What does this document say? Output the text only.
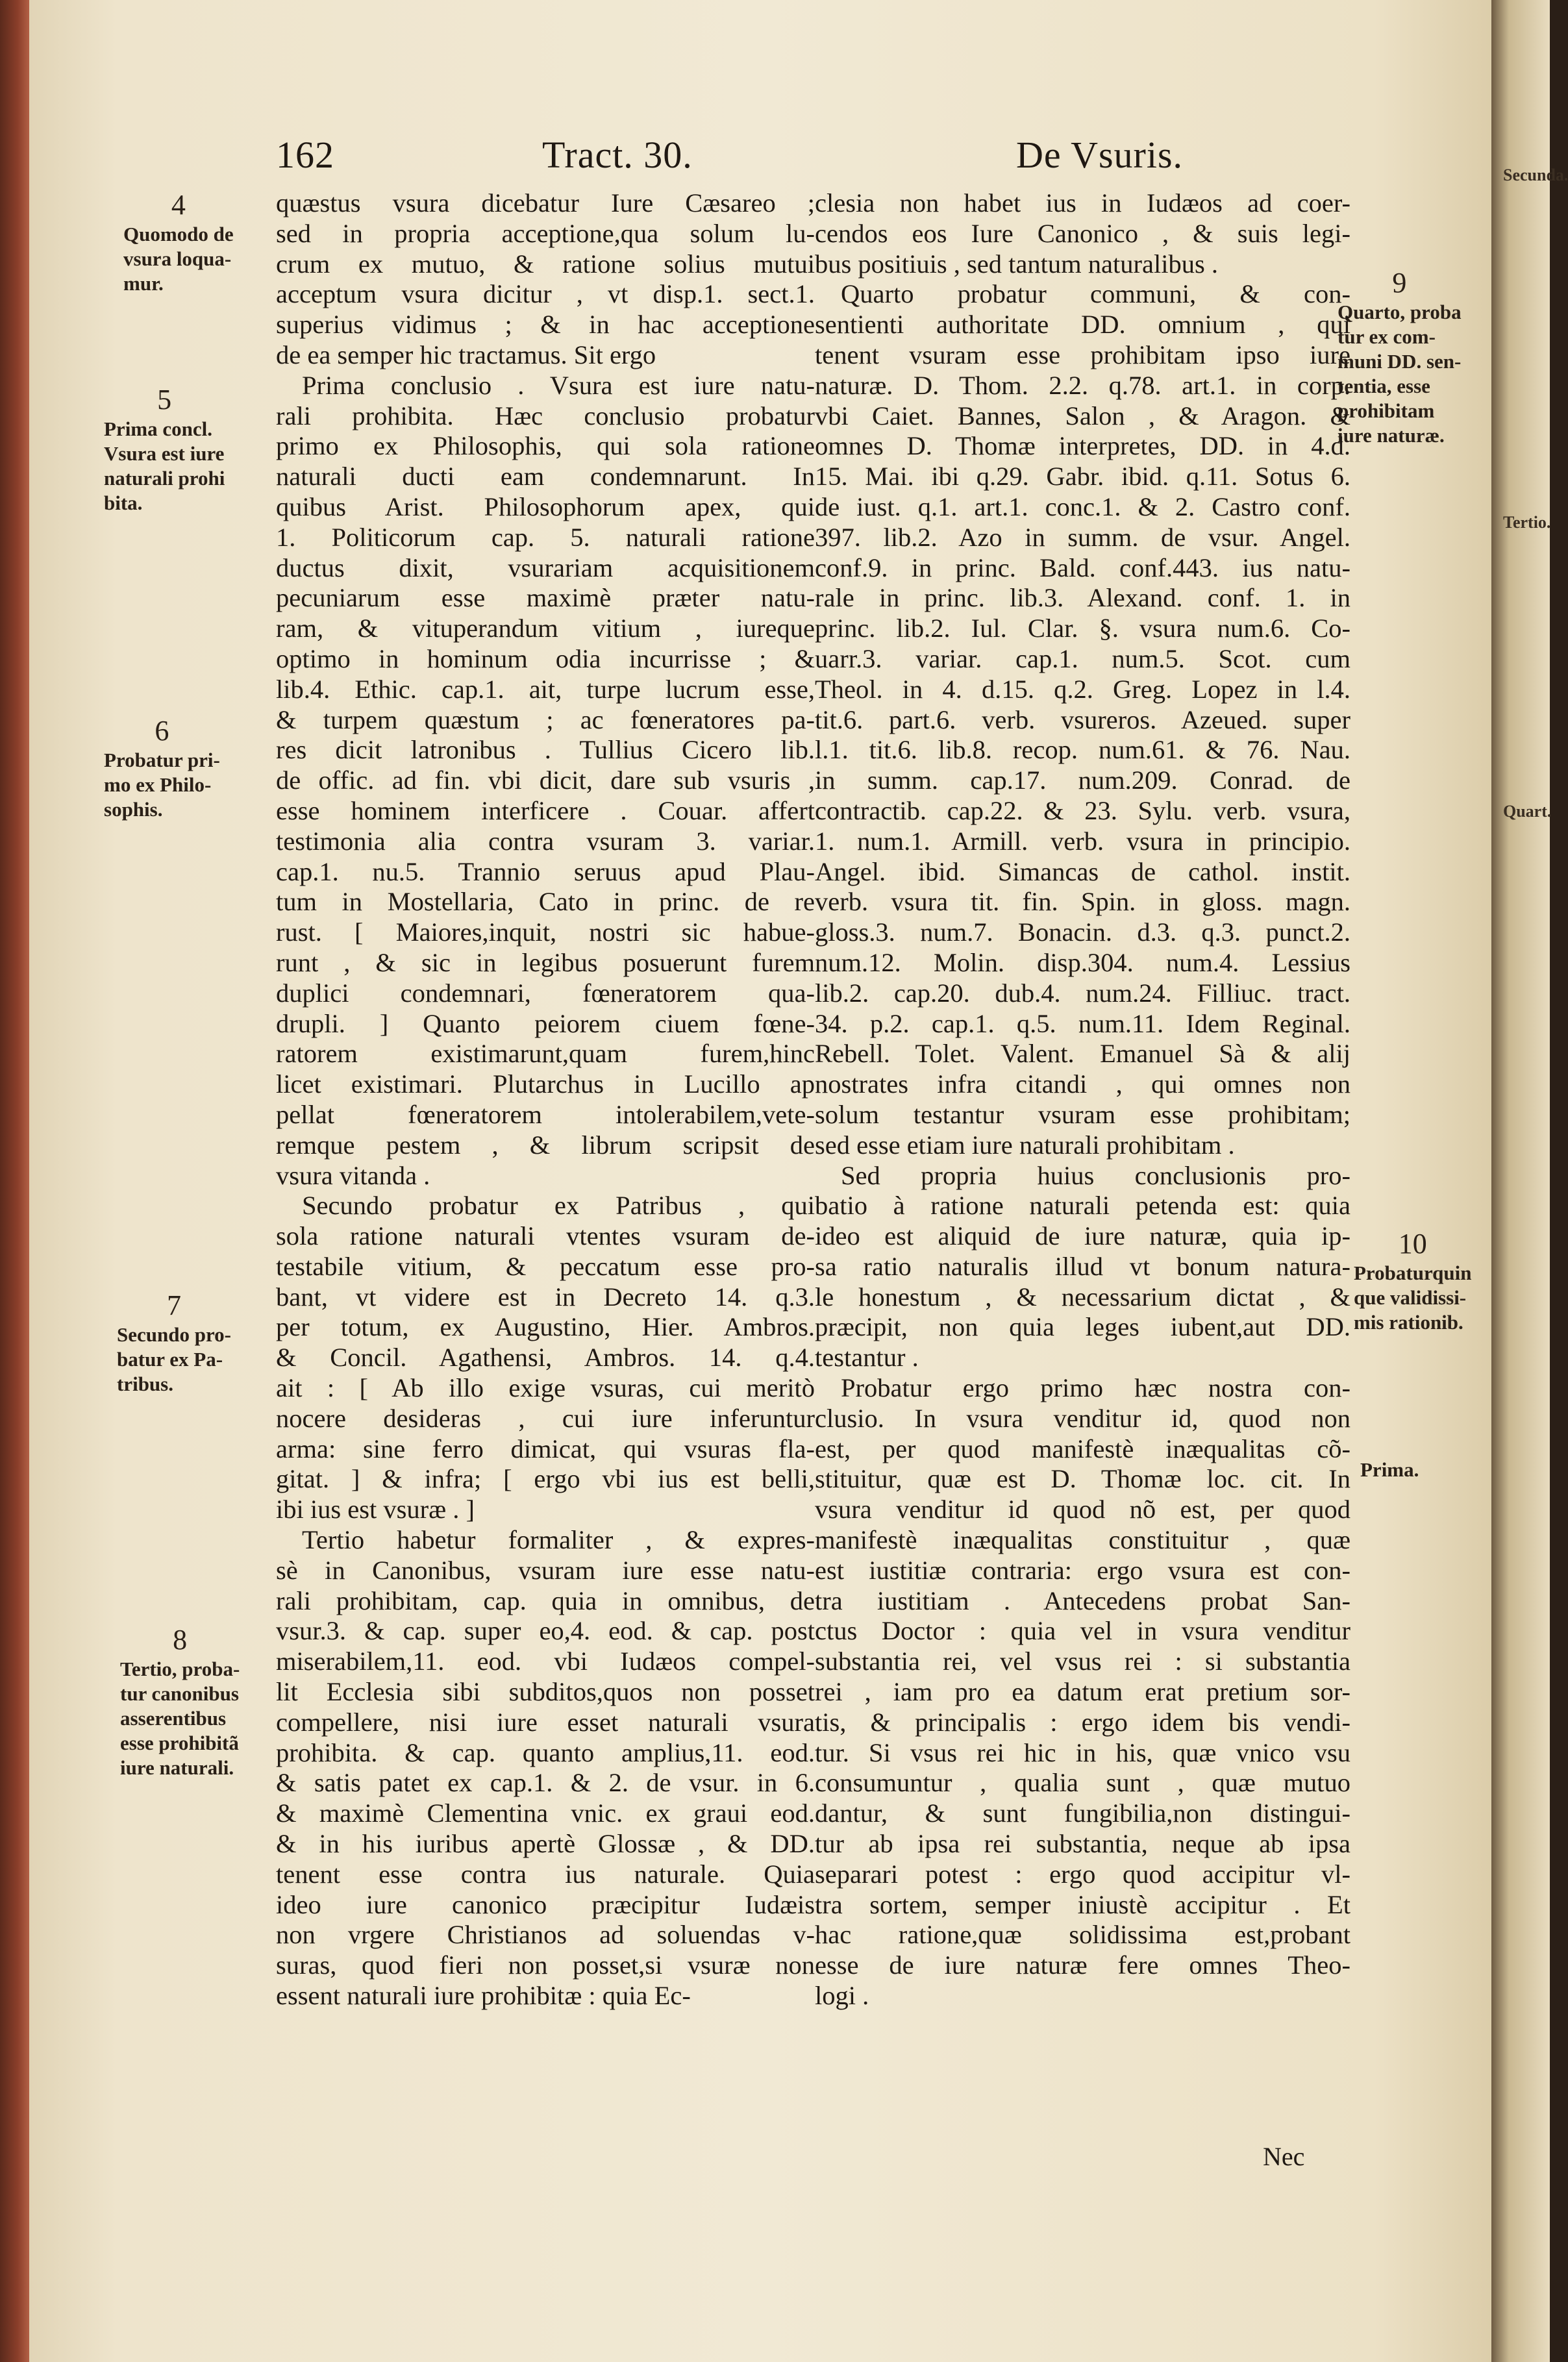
Secunda.
Tertio.
Quart.
162	Tract. 30.	De Vsuris.
4
Quomodo de
vsura loqua-
mur.
5
Prima concl.
Vsura est iure
naturali prohi
bita.
6
Probatur pri-
mo ex Philo-
sophis.
7
Secundo pro-
batur ex Pa-
tribus.
8
Tertio, proba-
tur canonibus
asserentibus
esse prohibitã
iure naturali.
9
Quarto, proba
tur ex com-
muni DD. sen-
tentia, esse
prohibitam
iure naturæ.
10
Probaturquin
que validissi-
mis rationib.
Prima.
quæstus vsura dicebatur Iure Cæsareo ;
sed in propria acceptione,qua solum lu-
crum ex mutuo, & ratione solius mutui
acceptum vsura dicitur , vt disp.1. sect.1.
superius vidimus ; & in hac acceptione
de ea semper hic tractamus. Sit ergo
Prima conclusio . Vsura est iure natu-
rali prohibita. Hæc conclusio probatur
primo ex Philosophis, qui sola ratione
naturali ducti eam condemnarunt. In
quibus Arist. Philosophorum apex, qui
1. Politicorum cap. 5. naturali ratione
ductus dixit, vsurariam acquisitionem
pecuniarum esse maximè præter natu-
ram, & vituperandum vitium , iureque
optimo in hominum odia incurrisse ; &
lib.4. Ethic. cap.1. ait, turpe lucrum esse,
& turpem quæstum ; ac fœneratores pa-
res dicit latronibus . Tullius Cicero lib.
de offic. ad fin. vbi dicit, dare sub vsuris ,
esse hominem interficere . Couar. affert
testimonia alia contra vsuram 3. variar.
cap.1. nu.5. Trannio seruus apud Plau-
tum in Mostellaria, Cato in princ. de re
rust. [ Maiores,inquit, nostri sic habue-
runt , & sic in legibus posuerunt furem
duplici condemnari, fœneratorem qua-
drupli. ] Quanto peiorem ciuem fœne-
ratorem existimarunt,quam furem,hinc
licet existimari. Plutarchus in Lucillo ap
pellat fœneratorem intolerabilem,vete-
remque pestem , & librum scripsit de
vsura vitanda .
Secundo probatur ex Patribus , qui
sola ratione naturali vtentes vsuram de-
testabile vitium, & peccatum esse pro-
bant, vt videre est in Decreto 14. q.3.
per totum, ex Augustino, Hier. Ambros.
& Concil. Agathensi, Ambros. 14. q.4.
ait : [ Ab illo exige vsuras, cui meritò
nocere desideras , cui iure inferuntur
arma: sine ferro dimicat, qui vsuras fla-
gitat. ] & infra; [ ergo vbi ius est belli,
ibi ius est vsuræ . ]
Tertio habetur formaliter , & expres-
sè in Canonibus, vsuram iure esse natu-
rali prohibitam, cap. quia in omnibus, de
vsur.3. & cap. super eo,4. eod. & cap. post
miserabilem,11. eod. vbi Iudæos compel-
lit Ecclesia sibi subditos,quos non posset
compellere, nisi iure esset naturali vsura
prohibita. & cap. quanto amplius,11. eod.
& satis patet ex cap.1. & 2. de vsur. in 6.
& maximè Clementina vnic. ex graui eod.
& in his iuribus apertè Glossæ , & DD.
tenent esse contra ius naturale. Quia
ideo iure canonico præcipitur Iudæis
non vrgere Christianos ad soluendas v-
suras, quod fieri non posset,si vsuræ non
essent naturali iure prohibitæ : quia Ec-
clesia non habet ius in Iudæos ad coer-
cendos eos Iure Canonico , & suis legi-
bus positiuis , sed tantum naturalibus .
Quarto probatur communi, & con-
sentienti authoritate DD. omnium , qui
tenent vsuram esse prohibitam ipso iure
naturæ. D. Thom. 2.2. q.78. art.1. in corp.
vbi Caiet. Bannes, Salon , & Aragon. &
omnes D. Thomæ interpretes, DD. in 4.d.
15. Mai. ibi q.29. Gabr. ibid. q.11. Sotus 6.
de iust. q.1. art.1. conc.1. & 2. Castro conf.
397. lib.2. Azo in summ. de vsur. Angel.
conf.9. in princ. Bald. conf.443. ius natu-
rale in princ. lib.3. Alexand. conf. 1. in
princ. lib.2. Iul. Clar. §. vsura num.6. Co-
uarr.3. variar. cap.1. num.5. Scot. cum
Theol. in 4. d.15. q.2. Greg. Lopez in l.4.
tit.6. part.6. verb. vsureros. Azeued. super
l.1. tit.6. lib.8. recop. num.61. & 76. Nau.
in summ. cap.17. num.209. Conrad. de
contractib. cap.22. & 23. Sylu. verb. vsura,
1. num.1. Armill. verb. vsura in principio.
Angel. ibid. Simancas de cathol. instit.
verb. vsura tit. fin. Spin. in gloss. magn.
gloss.3. num.7. Bonacin. d.3. q.3. punct.2.
num.12. Molin. disp.304. num.4. Lessius
lib.2. cap.20. dub.4. num.24. Filliuc. tract.
34. p.2. cap.1. q.5. num.11. Idem Reginal.
Rebell. Tolet. Valent. Emanuel Sà & alij
nostrates infra citandi , qui omnes non
solum testantur vsuram esse prohibitam;
sed esse etiam iure naturali prohibitam .
Sed propria huius conclusionis pro-
batio à ratione naturali petenda est: quia
ideo est aliquid de iure naturæ, quia ip-
sa ratio naturalis illud vt bonum natura-
le honestum , & necessarium dictat , &
præcipit, non quia leges iubent,aut DD.
testantur .
Probatur ergo primo hæc nostra con-
clusio. In vsura venditur id, quod non
est, per quod manifestè inæqualitas cõ-
stituitur, quæ est D. Thomæ loc. cit. In
vsura venditur id quod nõ est, per quod
manifestè inæqualitas constituitur , quæ
est iustitiæ contraria: ergo vsura est con-
tra iustitiam . Antecedens probat San-
ctus Doctor : quia vel in vsura venditur
substantia rei, vel vsus rei : si substantia
rei , iam pro ea datum erat pretium sor-
tis, & principalis : ergo idem bis vendi-
tur. Si vsus rei hic in his, quæ vnico vsu
consumuntur , qualia sunt , quæ mutuo
dantur, & sunt fungibilia,non distingui-
tur ab ipsa rei substantia, neque ab ipsa
separari potest : ergo quod accipitur vl-
tra sortem, semper iniustè accipitur . Et
hac ratione,quæ solidissima est,probant
esse de iure naturæ fere omnes Theo-
logi .
Nec
